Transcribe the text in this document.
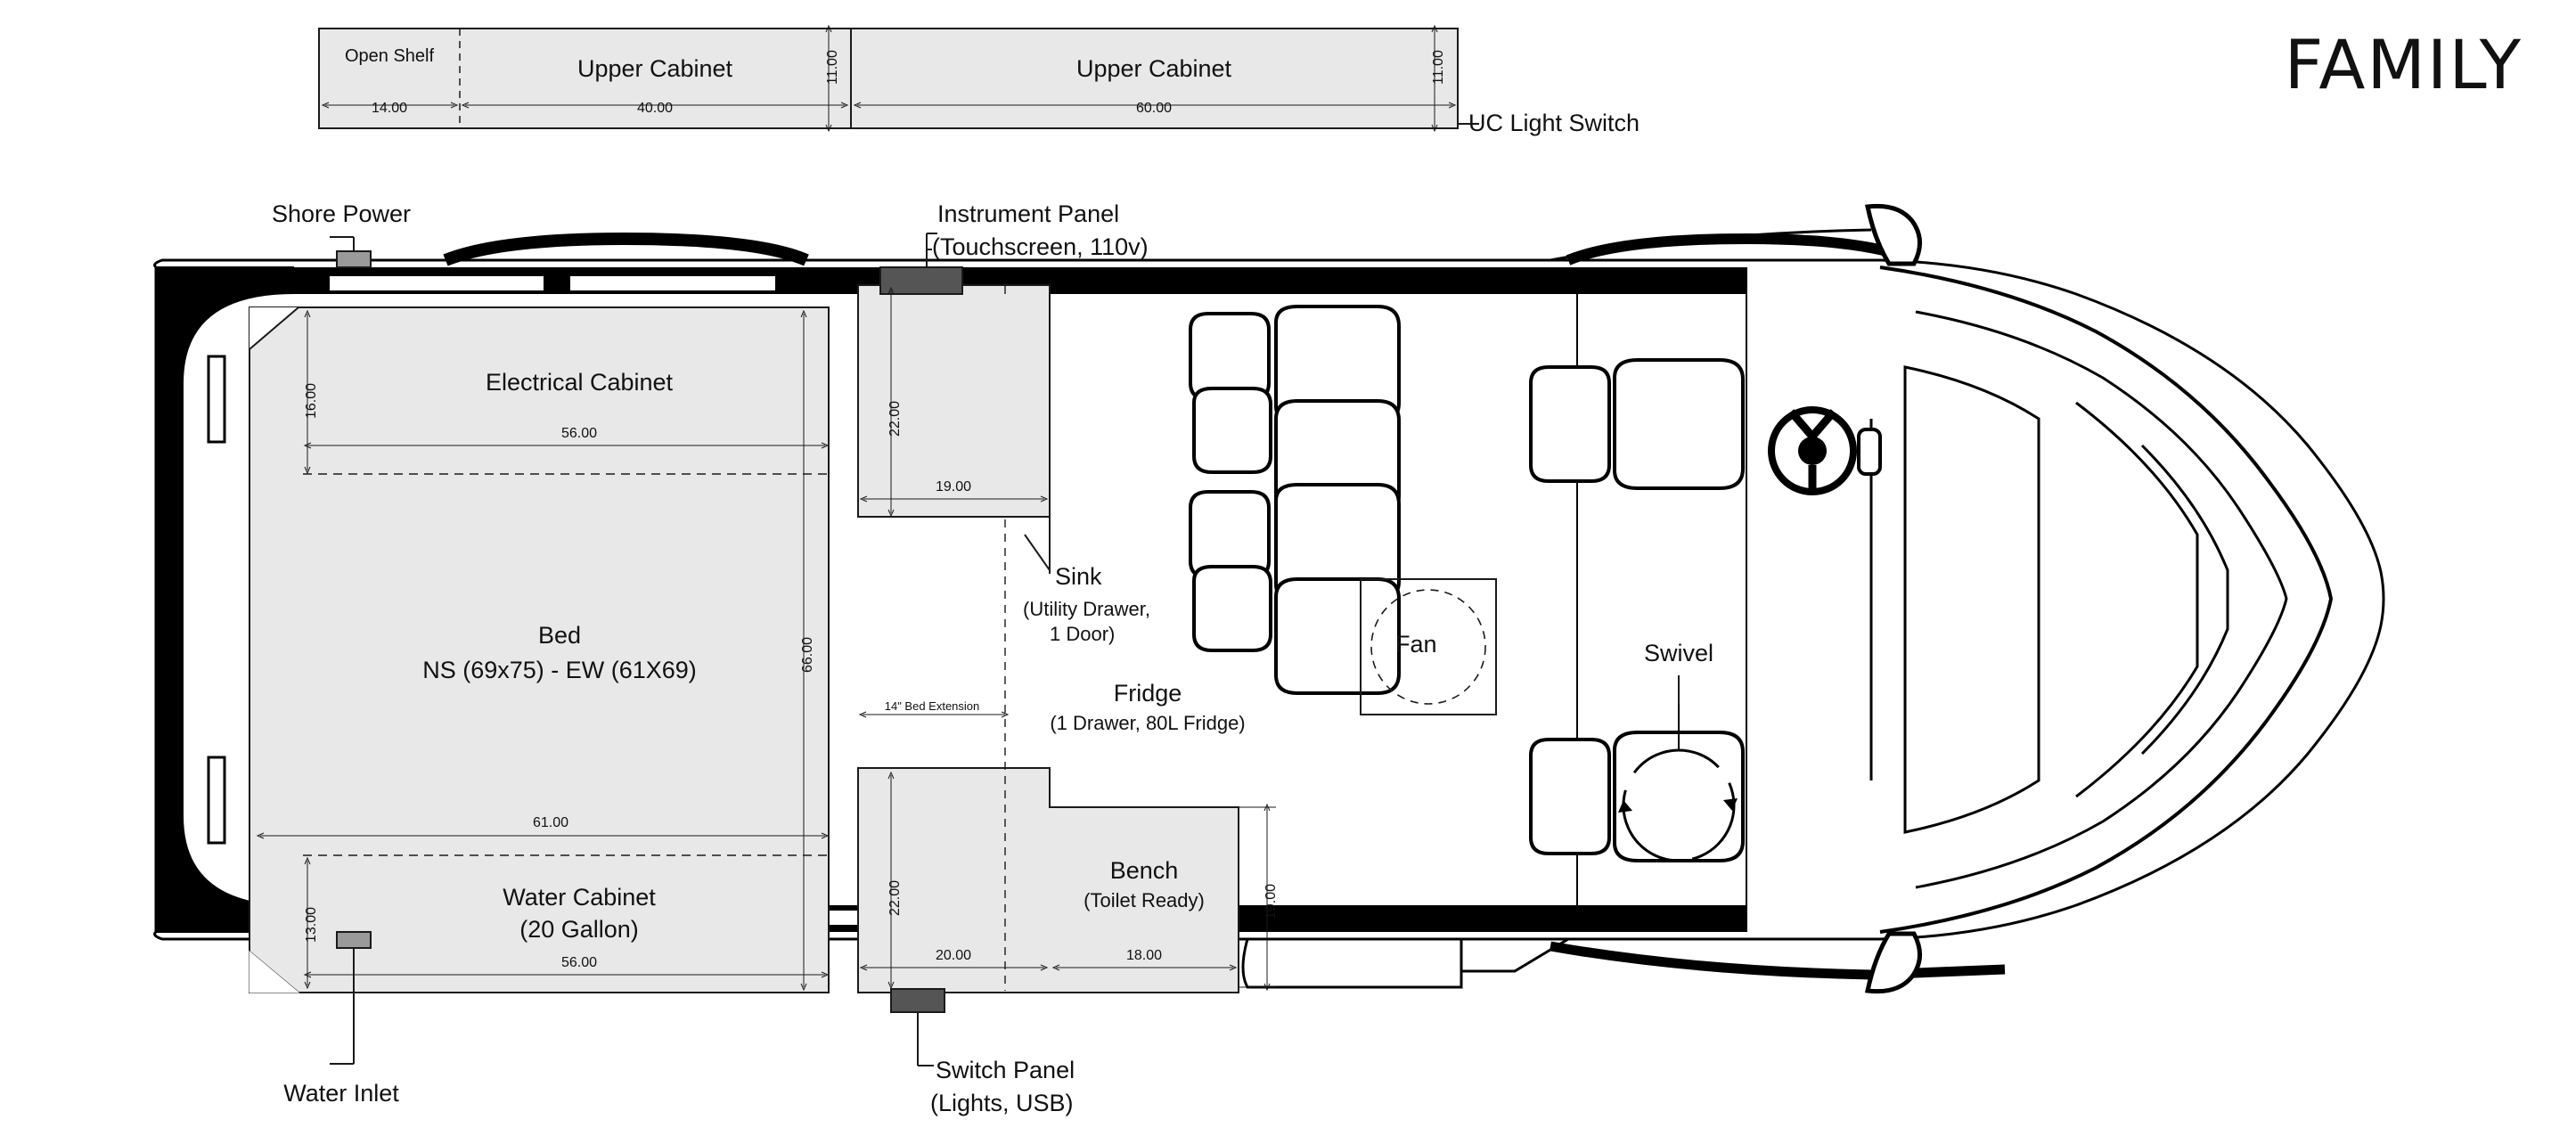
FAMILY
Open Shelf
14.00
Upper Cabinet
40.00
11.00	Upper Cabinet
60.00
11.00
UC Light Switch
Shore Power
Water Inlet
Instrument Panel
(Touchscreen, 110v)
Switch Panel
(Lights, USB)
Sink
(Utility Drawer,
1 Door)
Fridge
(1 Drawer, 80L Fridge)
Fan	Swivel
Electrical Cabinet
16.00
56.00
Bed
NS (69x75) - EW (61X69)	66.00
61.00
Water Cabinet
(20 Gallon)
13.00
56.00
22.00
19.00
22.00
20.00
Bench
(Toilet Ready)
18.00
19.00
14" Bed Extension
